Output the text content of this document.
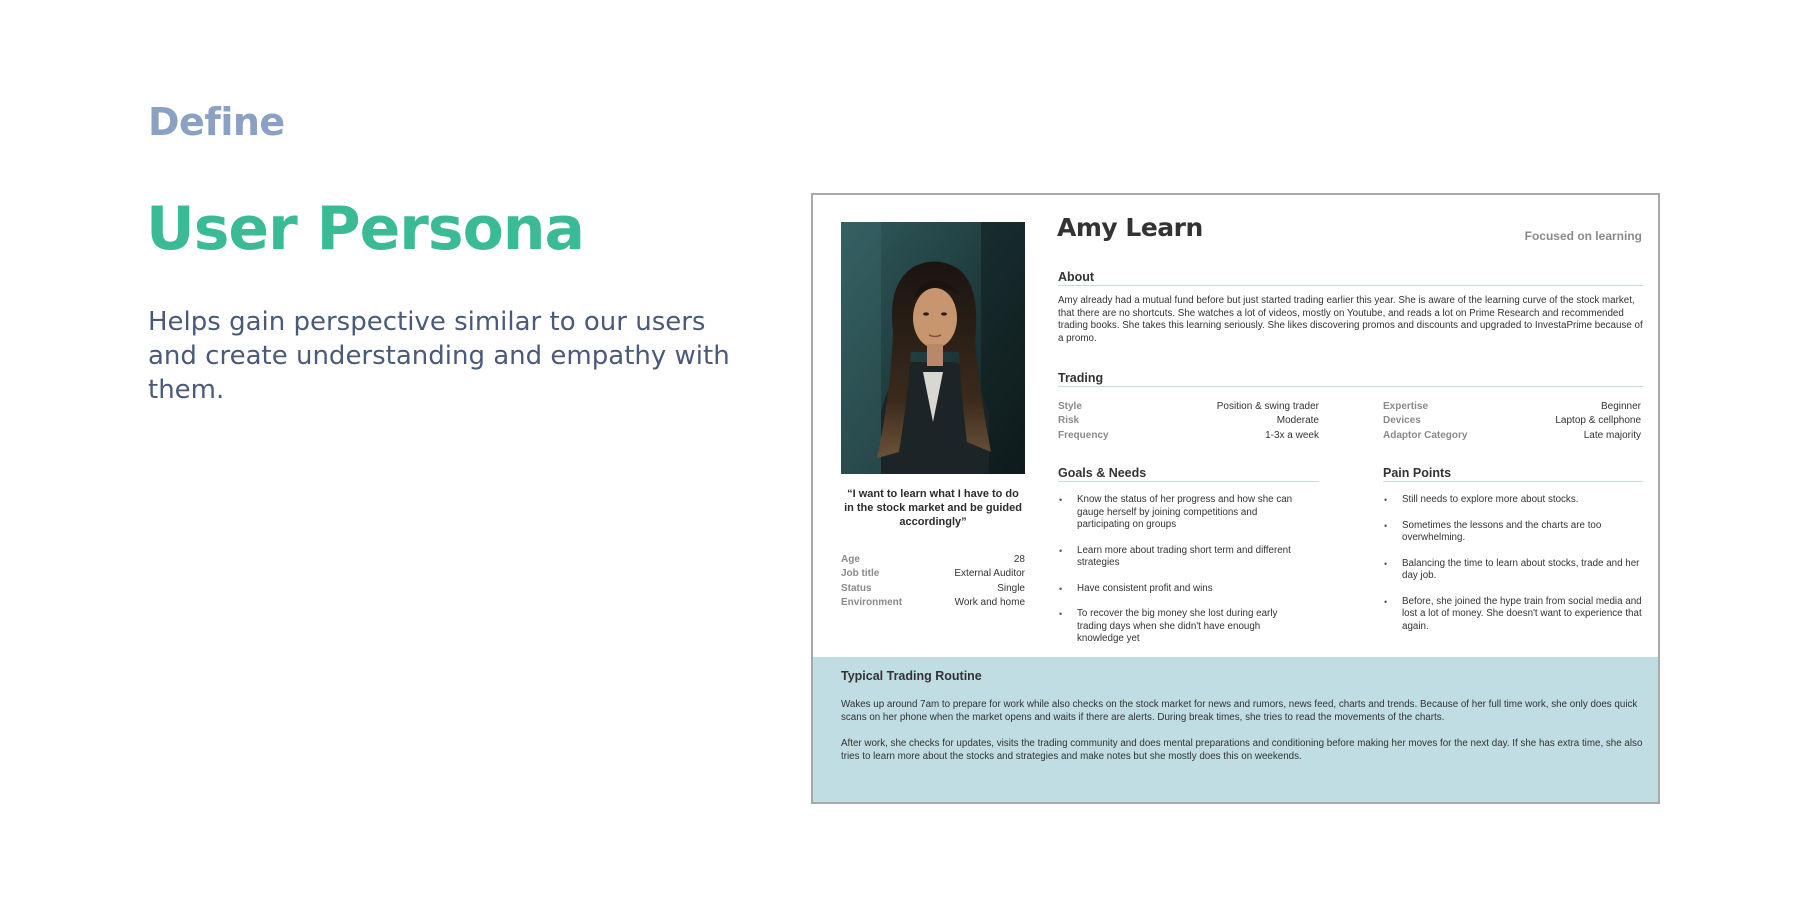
Define
User Persona

Helps gain perspective similar to our users and create understanding and empathy with them.

“I want to learn what I have to do in the stock market and be guided accordingly”

Age	28
Job title	External Auditor
Status	Single
Environment	Work and home
Amy Learn	Focused on learning
About

Amy already had a mutual fund before but just started trading earlier this year. She is aware of the learning curve of the stock market, that there are no shortcuts. She watches a lot of videos, mostly on Youtube, and reads a lot on Prime Research and recommended trading books. She takes this learning seriously. She likes discovering promos and discounts and upgraded to InvestaPrime because of a promo.

Trading
Style	Position & swing trader
Risk	Moderate
Frequency	1-3x a week
Expertise	Beginner
Devices	Laptop & cellphone
Adaptor Category	Late majority
Goals & Needs
• Know the status of her progress and how she can gauge herself by joining competitions and participating on groups
• Learn more about trading short term and different strategies
• Have consistent profit and wins
• To recover the big money she lost during early trading days when she didn't have enough knowledge yet
Pain Points
• Still needs to explore more about stocks.
• Sometimes the lessons and the charts are too overwhelming.
• Balancing the time to learn about stocks, trade and her day job.
• Before, she joined the hype train from social media and lost a lot of money. She doesn't want to experience that again.
Typical Trading Routine

Wakes up around 7am to prepare for work while also checks on the stock market for news and rumors, news feed, charts and trends. Because of her full time work, she only does quick scans on her phone when the market opens and waits if there are alerts. During break times, she tries to read the movements of the charts.

After work, she checks for updates, visits the trading community and does mental preparations and conditioning before making her moves for the next day. If she has extra time, she also tries to learn more about the stocks and strategies and make notes but she mostly does this on weekends.
